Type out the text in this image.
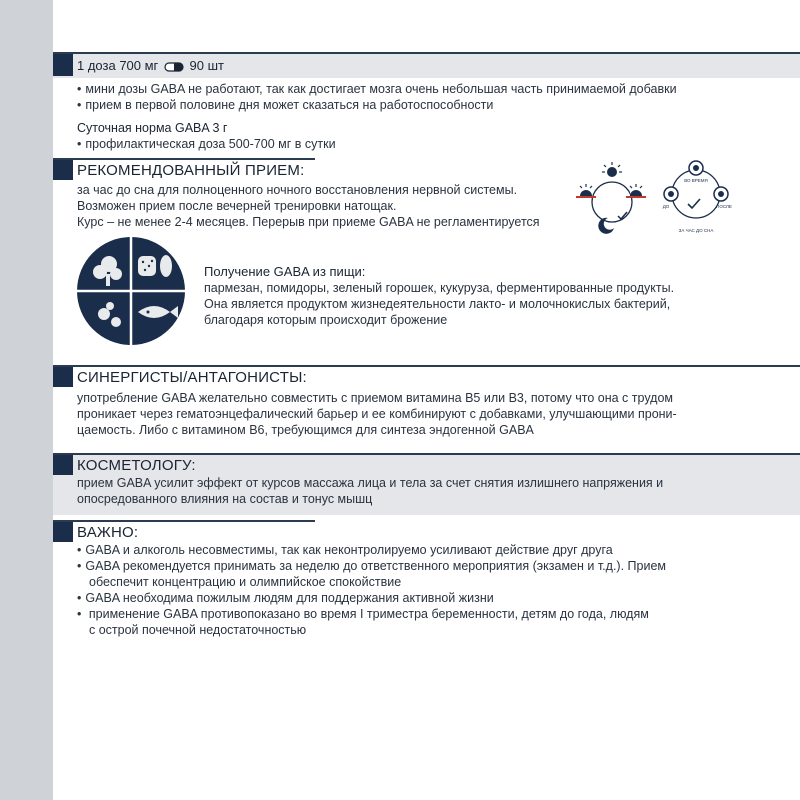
1 доза 700 мг 90 шт
• мини дозы GABA не работают, так как достигает мозга очень небольшая часть принимаемой добавки
• прием в первой половине дня может сказаться на работоспособности
Суточная норма GABA 3 г
• профилактическая доза 500-700 мг в сутки
РЕКОМЕНДОВАННЫЙ ПРИЕМ:
за час до сна для полноценного ночного восстановления нервной системы.
Возможен прием после вечерней тренировки натощак.
Курс – не менее 2-4 месяцев. Перерыв при приеме GABA не регламентируется
ВО ВРЕМЯ
ДО	ПОСЛЕ
ЗА ЧАС ДО СНА
Получение GABA из пищи:
пармезан, помидоры, зеленый горошек, кукуруза, ферментированные продукты.
Она является продуктом жизнедеятельности лакто- и молочнокислых бактерий,
благодаря которым происходит брожение
СИНЕРГИСТЫ/АНТАГОНИСТЫ:
употребление GABA желательно совместить с приемом витамина B5 или B3, потому что она с трудом
проникает через гематоэнцефалический барьер и ее комбинируют с добавками, улучшающими прони-
цаемость. Либо с витамином B6, требующимся для синтеза эндогенной GABA
КОСМЕТОЛОГУ:
прием GABA усилит эффект от курсов массажа лица и тела за счет снятия излишнего напряжения и
опосредованного влияния на состав и тонус мышц
ВАЖНО:
• GABA и алкоголь несовместимы, так как неконтролируемо усиливают действие друг друга
• GABA рекомендуется принимать за неделю до ответственного мероприятия (экзамен и т.д.). Прием
обеспечит концентрацию и олимпийское спокойствие
• GABA необходима пожилым людям для поддержания активной жизни
• применение GABA противопоказано во время I триместра беременности, детям до года, людям
с острой почечной недостаточностью
